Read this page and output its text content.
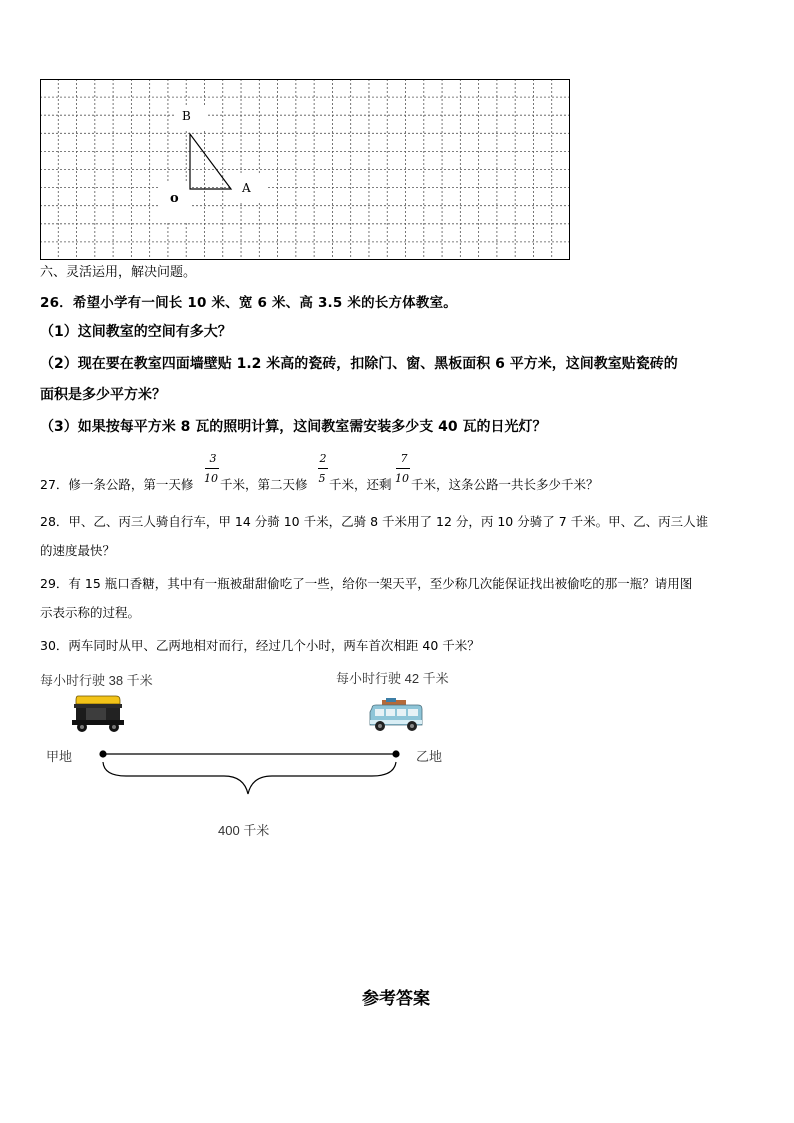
B
A
o
六、灵活运用，解决问题。
26．希望小学有一间长 10 米、宽 6 米、高 3.5 米的长方体教室。
（1）这间教室的空间有多大？
（2）现在要在教室四面墙壁贴 1.2 米高的瓷砖，扣除门、窗、黑板面积 6 平方米，这间教室贴瓷砖的
面积是多少平方米？
（3）如果按每平方米 8 瓦的照明计算，这间教室需安装多少支 40 瓦的日光灯？
27．修一条公路，第一天修
3
10 千米，第二天修
2
5 千米，还剩
7
10 千米，这条公路一共长多少千米？
28．甲、乙、丙三人骑自行车，甲 14 分骑 10 千米，乙骑 8 千米用了 12 分，丙 10 分骑了 7 千米。甲、乙、丙三人谁
的速度最快？
29．有 15 瓶口香糖，其中有一瓶被甜甜偷吃了一些，给你一架天平，至少称几次能保证找出被偷吃的那一瓶？请用图
示表示称的过程。
30．两车同时从甲、乙两地相对而行，经过几个小时，两车首次相距 40 千米？
每小时行驶 38 千米	每小时行驶 42 千米
甲地	乙地
400 千米
参考答案
